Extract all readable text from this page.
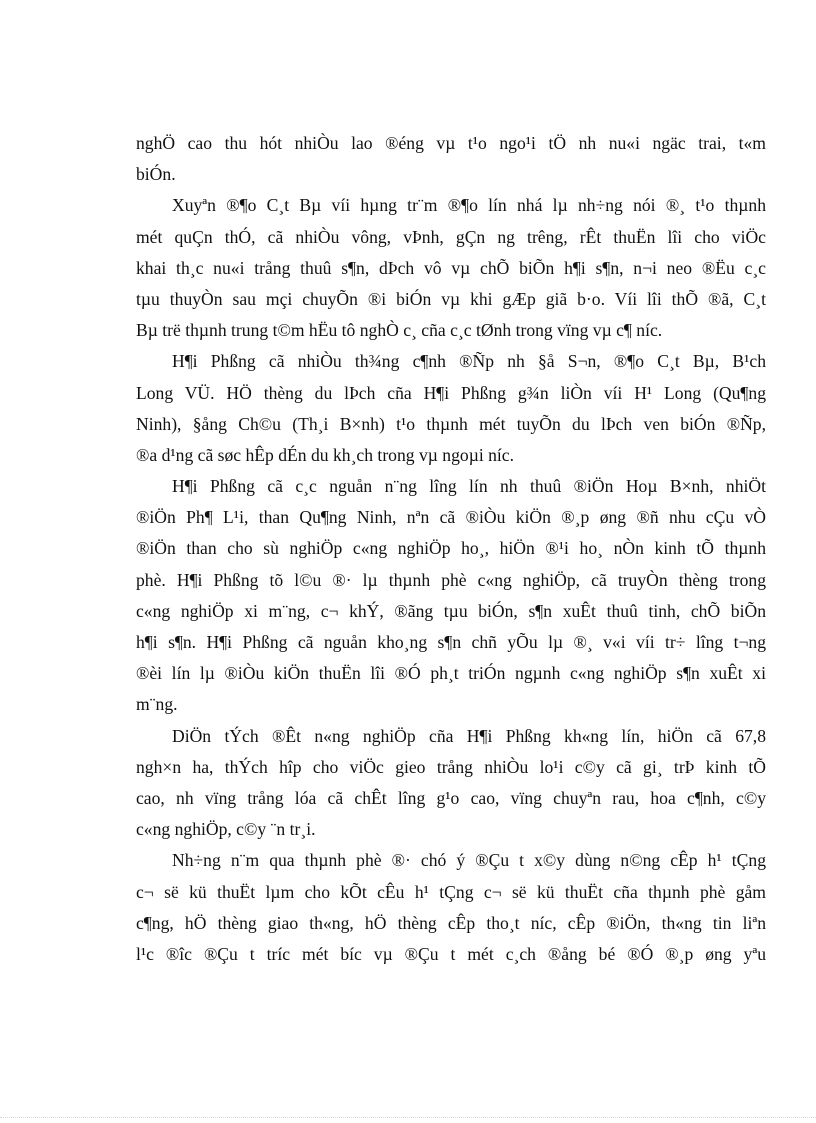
nghÖ cao thu hót nhiÒu lao ®éng vµ t¹o ngo¹i tÖ nh nu«i ngäc trai, t«m
biÓn.
Xuyªn ®¶o C¸t Bµ víi hµng tr¨m ®¶o lín nhá lµ nh÷ng nói ®¸ t¹o thµnh
mét quÇn thÓ, cã nhiÒu vông, vÞnh, gÇn ng trêng, rÊt thuËn lîi cho viÖc
khai th¸c nu«i trång thuû s¶n, dÞch vô vµ chÕ biÕn h¶i s¶n, n¬i neo ®Ëu c¸c
tµu thuyÒn sau mçi chuyÕn ®i biÓn vµ khi gÆp giã b·o. Víi lîi thÕ ®ã, C¸t
Bµ trë thµnh trung t©m hËu tô nghÒ c¸ cña c¸c tØnh trong vïng vµ c¶ níc.
H¶i Phßng cã nhiÒu th¾ng c¶nh ®Ñp nh §å S¬n, ®¶o C¸t Bµ, B¹ch
Long VÜ. HÖ thèng du lÞch cña H¶i Phßng g¾n liÒn víi H¹ Long (Qu¶ng
Ninh), §ång Ch©u (Th¸i B×nh) t¹o thµnh mét tuyÕn du lÞch ven biÓn ®Ñp,
®a d¹ng cã søc hÊp dÉn du kh¸ch trong vµ ngoµi níc.
H¶i Phßng cã c¸c nguån n¨ng lîng lín nh thuû ®iÖn Hoµ B×nh, nhiÖt
®iÖn Ph¶ L¹i, than Qu¶ng Ninh, nªn cã ®iÒu kiÖn ®¸p øng ®ñ nhu cÇu vÒ
®iÖn than cho sù nghiÖp c«ng nghiÖp ho¸, hiÖn ®¹i ho¸ nÒn kinh tÕ thµnh
phè. H¶i Phßng tõ l©u ®· lµ thµnh phè c«ng nghiÖp, cã truyÒn thèng trong
c«ng nghiÖp xi m¨ng, c¬ khÝ, ®ãng tµu biÓn, s¶n xuÊt thuû tinh, chÕ biÕn
h¶i s¶n. H¶i Phßng cã nguån kho¸ng s¶n chñ yÕu lµ ®¸ v«i víi tr÷ lîng t¬ng
®èi lín lµ ®iÒu kiÖn thuËn lîi ®Ó ph¸t triÓn ngµnh c«ng nghiÖp s¶n xuÊt xi
m¨ng.
DiÖn tÝch ®Êt n«ng nghiÖp cña H¶i Phßng kh«ng lín, hiÖn cã 67,8
ngh×n ha, thÝch hîp cho viÖc gieo trång nhiÒu lo¹i c©y cã gi¸ trÞ kinh tÕ
cao, nh vïng trång lóa cã chÊt lîng g¹o cao, vïng chuyªn rau, hoa c¶nh, c©y
c«ng nghiÖp, c©y ¨n tr¸i.
Nh÷ng n¨m qua thµnh phè ®· chó ý ®Çu t x©y dùng n©ng cÊp h¹ tÇng
c¬ së kü thuËt lµm cho kÕt cÊu h¹ tÇng c¬ së kü thuËt cña thµnh phè gåm
c¶ng, hÖ thèng giao th«ng, hÖ thèng cÊp tho¸t níc, cÊp ®iÖn, th«ng tin liªn
l¹c ®îc ®Çu t tríc mét bíc vµ ®Çu t mét c¸ch ®ång bé ®Ó ®¸p øng yªu
